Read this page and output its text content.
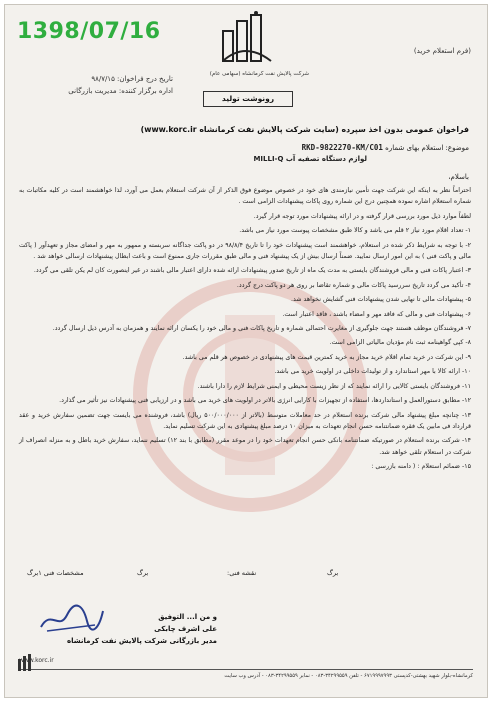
1398/07/16
(فرم استعلام خرید)
شرکت پالایش نفت کرمانشاه (سهامی عام)
تاریخ درج فراخوان: ۹۸/۷/۱۵
اداره برگزار کننده: مدیریت بازرگانی
رونوشت تولید
فراخوان عمومی بدون اخذ سپرده (سایت شرکت پالایش نفت کرمانشاه www.korc.ir)
موضوع: استعلام بهای شماره RKD-9822270-KM/C01
لوازم دستگاه تصفیه آب MILLI-Q
باسلام،

احتراماً نظر به اینکه این شرکت جهت تأمین نیازمندی های خود در خصوص موضوع فوق الذکر از آن شرکت استعلام بعمل می آورد، لذا خواهشمند است در کلیه مکاتبات به شماره استعلام اشاره نموده همچنین درج این شماره روی پاکات پیشنهادات الزامی است .

لطفاً موارد ذیل مورد بررسی قرار گرفته و در ارائه پیشنهادات مورد توجه قرار گیرد.

۱- تعداد اقلام مورد نیاز ۲ قلم می باشد و کالا طبق مشخصات پیوست مورد نیاز می باشد.

۲- با توجه به شرایط ذکر شده در استعلام، خواهشمند است پیشنهادات خود را تا تاریخ ۹۸/۸/۴ در دو پاکت جداگانه سربسته و ممهور به مهر و امضای مجاز و تعهدآور ( پاکت مالی و پاکت فنی ) به این امور ارسال نمایید. ضمناً ارسال بیش از یک پیشنهاد فنی و مالی طبق مقررات جاری ممنوع است و باعث ابطال پیشنهادات ارسالی خواهد شد .

۳- اعتبار پاکات فنی و مالی فروشندگان بایستی به مدت یک ماه از تاریخ صدور پیشنهادات ارائه شده دارای اعتبار مالی باشند در غیر اینصورت کان لم یکن تلقی می گردد.

۴- تأکید می گردد تاریخ سررسید پاکات مالی و شماره تقاضا بر روی هر دو پاکت درج گردد.

۵- پیشنهادات مالی تا نهایی شدن پیشنهادات فنی گشایش نخواهد شد.

۶- پیشنهادات فنی و مالی که فاقد مهر و امضاء باشند ، فاقد اعتبار است.

۷- فروشندگان موظف هستند جهت جلوگیری از مغایرت احتمالی شماره و تاریخ پاکات فنی و مالی خود را یکسان ارائه نمایند و همزمان به آدرس ذیل ارسال گردد.

۸- کپی گواهینامه ثبت نام مؤدیان مالیاتی الزامی است.

۹- این شرکت در خرید تمام اقلام خرید مجاز به خرید کمترین قیمت های پیشنهادی در خصوص هر قلم می باشد.

۱۰- ارائه کالا با مهر استاندارد و از تولیدات داخلی در اولویت خرید می باشد.

۱۱- فروشندگان بایستی کالایی را ارائه نمایند که از نظر زیست محیطی و ایمنی شرایط لازم را دارا باشند.

۱۲- مطابق دستورالعمل و استانداردها، استفاده از تجهیزات با کارایی انرژی بالاتر در اولویت های خرید می باشد و در ارزیابی فنی پیشنهادات نیز تأثیر می گذارد.

۱۳- چنانچه مبلغ پیشنهاد مالی شرکت برنده استعلام در حد معاملات متوسط (بالاتر از ۵۰۰/۰۰۰/۰۰۰ ریال) باشد، فروشنده می بایست جهت تضمین سفارش خرید و عقد قرارداد فی مابین یک فقره ضمانتنامه حسن انجام تعهدات به میزان ۱۰ درصد مبلغ پیشنهادی به این شرکت تسلیم نماید.

۱۴- شرکت برنده استعلام در صورتیکه ضمانتنامه بانکی حسن انجام تعهدات خود را در موعد مقرر (مطابق با بند ۱۲) تسلیم ننماید، سفارش خرید باطل و به منزله انصراف از شرکت در استعلام تلقی خواهد شد.

۱۵- ضمائم استعلام : ( دامنه بازرسی :

مشخصات فنی ۱برگ	برگ	نقشه فنی:	برگ
و من ا... التوفیق
علی اشرف چابکی
مدیر بازرگانی شرکت پالایش نفت کرمانشاه
www.korc.ir
کرمانشاه-بلوار شهید بهشتی-کدپستی ۶۷۱۹۹۹۷۹۹۳ - تلفن ۳۴۲۹۹۵۵۹-۰۸۳ - نمابر ۳۴۲۹۹۵۵۹-۰۸۳ - آدرس وب سایت
